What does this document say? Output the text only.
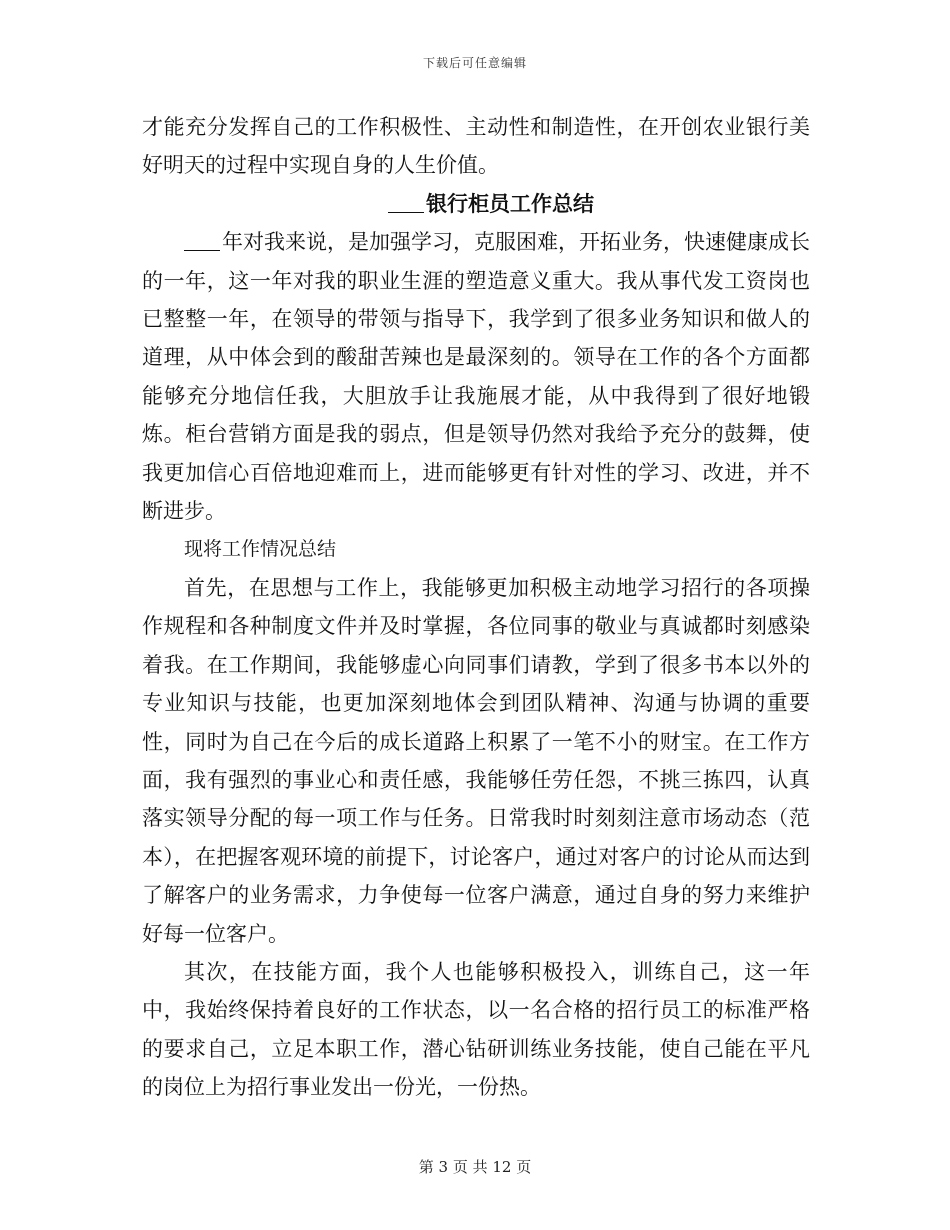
下载后可任意编辑

才能充分发挥自己的工作积极性、主动性和制造性，在开创农业银行美好明天的过程中实现自身的人生价值。

银行柜员工作总结

年对我来说，是加强学习，克服困难，开拓业务，快速健康成长的一年，这一年对我的职业生涯的塑造意义重大。我从事代发工资岗也已整整一年，在领导的带领与指导下，我学到了很多业务知识和做人的道理，从中体会到的酸甜苦辣也是最深刻的。领导在工作的各个方面都能够充分地信任我，大胆放手让我施展才能，从中我得到了很好地锻炼。柜台营销方面是我的弱点，但是领导仍然对我给予充分的鼓舞，使我更加信心百倍地迎难而上，进而能够更有针对性的学习、改进，并不断进步。

现将工作情况总结

首先，在思想与工作上，我能够更加积极主动地学习招行的各项操作规程和各种制度文件并及时掌握，各位同事的敬业与真诚都时刻感染着我。在工作期间，我能够虚心向同事们请教，学到了很多书本以外的专业知识与技能，也更加深刻地体会到团队精神、沟通与协调的重要性，同时为自己在今后的成长道路上积累了一笔不小的财宝。在工作方面，我有强烈的事业心和责任感，我能够任劳任怨，不挑三拣四，认真落实领导分配的每一项工作与任务。日常我时时刻刻注意市场动态（范本），在把握客观环境的前提下，讨论客户，通过对客户的讨论从而达到了解客户的业务需求，力争使每一位客户满意，通过自身的努力来维护好每一位客户。

其次，在技能方面，我个人也能够积极投入，训练自己，这一年中，我始终保持着良好的工作状态，以一名合格的招行员工的标准严格的要求自己，立足本职工作，潜心钻研训练业务技能，使自己能在平凡的岗位上为招行事业发出一份光，一份热。

第 3 页 共 12 页
